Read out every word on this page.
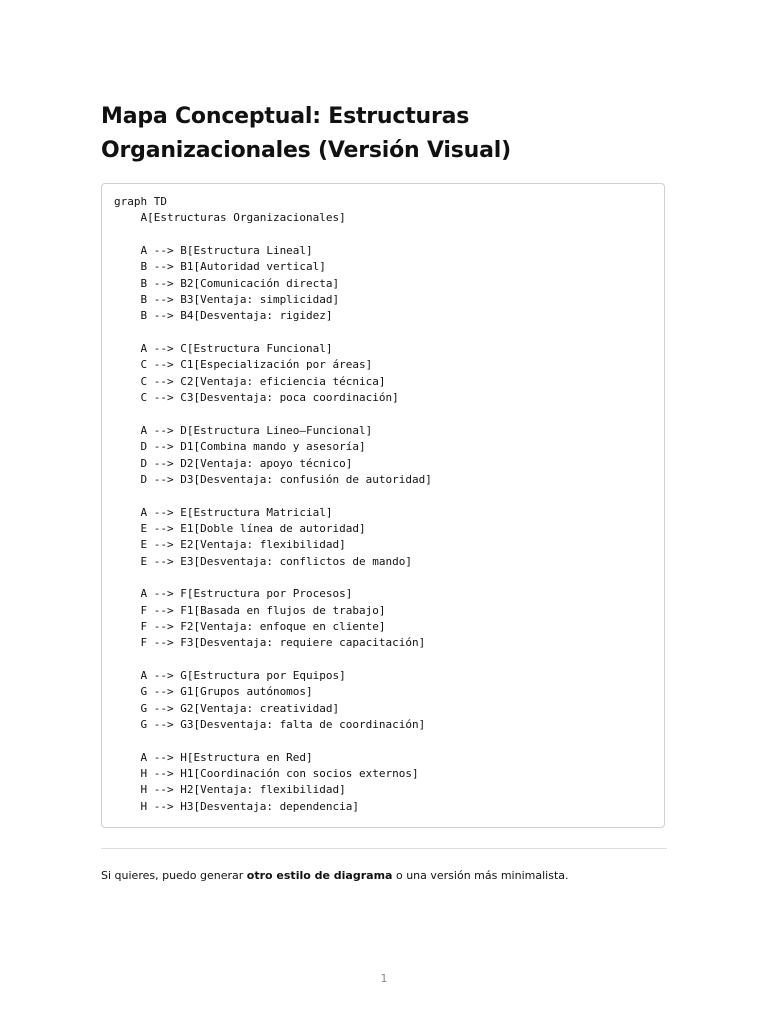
Mapa Conceptual: Estructuras Organizacionales (Versión Visual)
graph TD
A[Estructuras Organizacionales]

A --> B[Estructura Lineal]
B --> B1[Autoridad vertical]
B --> B2[Comunicación directa]
B --> B3[Ventaja: simplicidad]
B --> B4[Desventaja: rigidez]

A --> C[Estructura Funcional]
C --> C1[Especialización por áreas]
C --> C2[Ventaja: eficiencia técnica]
C --> C3[Desventaja: poca coordinación]

A --> D[Estructura Lineo–Funcional]
D --> D1[Combina mando y asesoría]
D --> D2[Ventaja: apoyo técnico]
D --> D3[Desventaja: confusión de autoridad]

A --> E[Estructura Matricial]
E --> E1[Doble línea de autoridad]
E --> E2[Ventaja: flexibilidad]
E --> E3[Desventaja: conflictos de mando]

A --> F[Estructura por Procesos]
F --> F1[Basada en flujos de trabajo]
F --> F2[Ventaja: enfoque en cliente]
F --> F3[Desventaja: requiere capacitación]

A --> G[Estructura por Equipos]
G --> G1[Grupos autónomos]
G --> G2[Ventaja: creatividad]
G --> G3[Desventaja: falta de coordinación]

A --> H[Estructura en Red]
H --> H1[Coordinación con socios externos]
H --> H2[Ventaja: flexibilidad]
H --> H3[Desventaja: dependencia]

Si quieres, puedo generar otro estilo de diagrama o una versión más minimalista.

1
